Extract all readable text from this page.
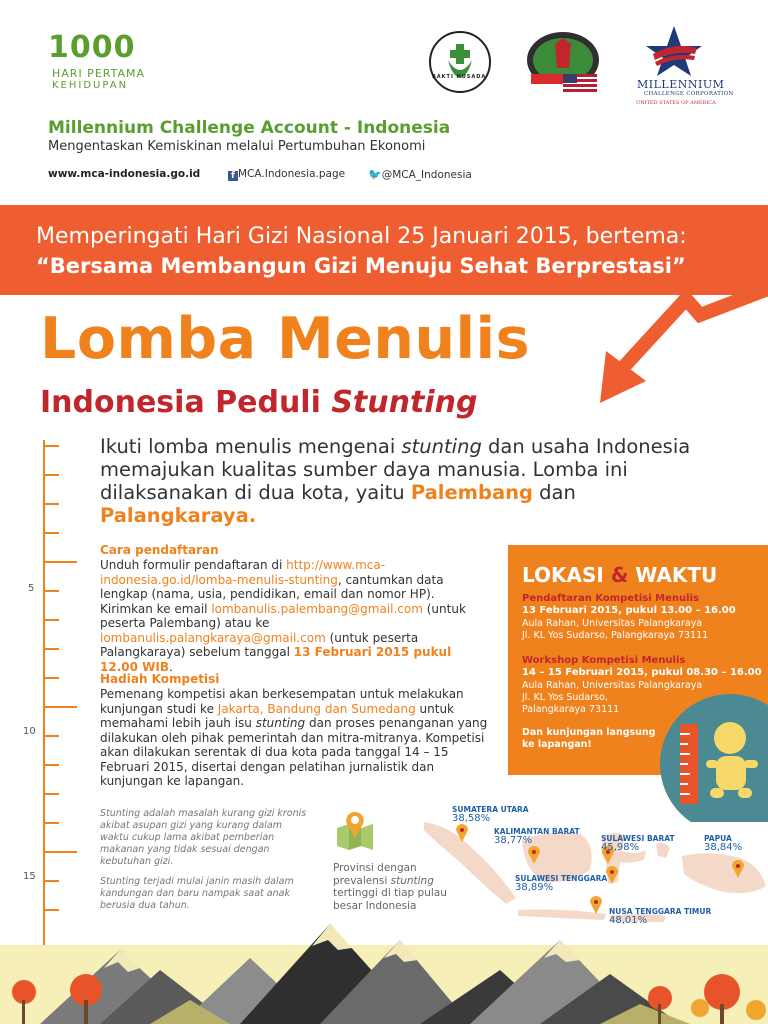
1000
HARI PERTAMA
KEHIDUPAN
BAKTI HUSADA
MILLENNIUM
CHALLENGE CORPORATION
UNITED STATES OF AMERICA
Millennium Challenge Account - Indonesia
Mengentaskan Kemiskinan melalui Pertumbuhan Ekonomi
www.mca-indonesia.go.id	f MCA.Indonesia.page 🐦@MCA_Indonesia
Memperingati Hari Gizi Nasional 25 Januari 2015, bertema:
“Bersama Membangun Gizi Menuju Sehat Berprestasi”
Lomba Menulis
Indonesia Peduli Stunting
Ikuti lomba menulis mengenai stunting dan usaha Indonesia memajukan kualitas sumber daya manusia. Lomba ini dilaksanakan di dua kota, yaitu Palembang dan
Palangkaraya.
5
10
15
Cara pendaftaran
Unduh formulir pendaftaran di http://www.mca-indonesia.go.id/lomba-menulis-stunting, cantumkan data lengkap (nama, usia, pendidikan, email dan nomor HP). Kirimkan ke email lombanulis.palembang@gmail.com (untuk peserta Palembang) atau ke lombanulis.palangkaraya@gmail.com (untuk peserta Palangkaraya) sebelum tanggal 13 Februari 2015 pukul 12.00 WIB.
Hadiah Kompetisi
Pemenang kompetisi akan berkesempatan untuk melakukan kunjungan studi ke Jakarta, Bandung dan Sumedang untuk memahami lebih jauh isu stunting dan proses penanganan yang dilakukan oleh pihak pemerintah dan mitra-mitranya. Kompetisi akan dilakukan serentak di dua kota pada tanggal 14 – 15 Februari 2015, disertai dengan pelatihan jurnalistik dan kunjungan ke lapangan.
LOKASI & WAKTU
Pendaftaran Kompetisi Menulis
13 Februari 2015, pukul 13.00 – 16.00
Aula Rahan, Universitas Palangkaraya
Jl. KL Yos Sudarso, Palangkaraya 73111
Workshop Kompetisi Menulis
14 – 15 Februari 2015, pukul 08.30 – 16.00
Aula Rahan, Universitas Palangkaraya
Jl. KL Yos Sudarso,
Palangkaraya 73111
Dan kunjungan langsung
ke lapangan!
Stunting adalah masalah kurang gizi kronis akibat asupan gizi yang kurang dalam waktu cukup lama akibat pemberian makanan yang tidak sesuai dengan kebutuhan gizi.
Stunting terjadi mulai janin masih dalam kandungan dan baru nampak saat anak berusia dua tahun.
Provinsi dengan prevalensi stunting tertinggi di tiap pulau besar Indonesia
SUMATERA UTARA
38,58%
KALIMANTAN BARAT
38,77%	SULAWESI BARAT
45,98%
PAPUA
38,84%
SULAWESI TENGGARA
38,89%
NUSA TENGGARA TIMUR
48,01%
